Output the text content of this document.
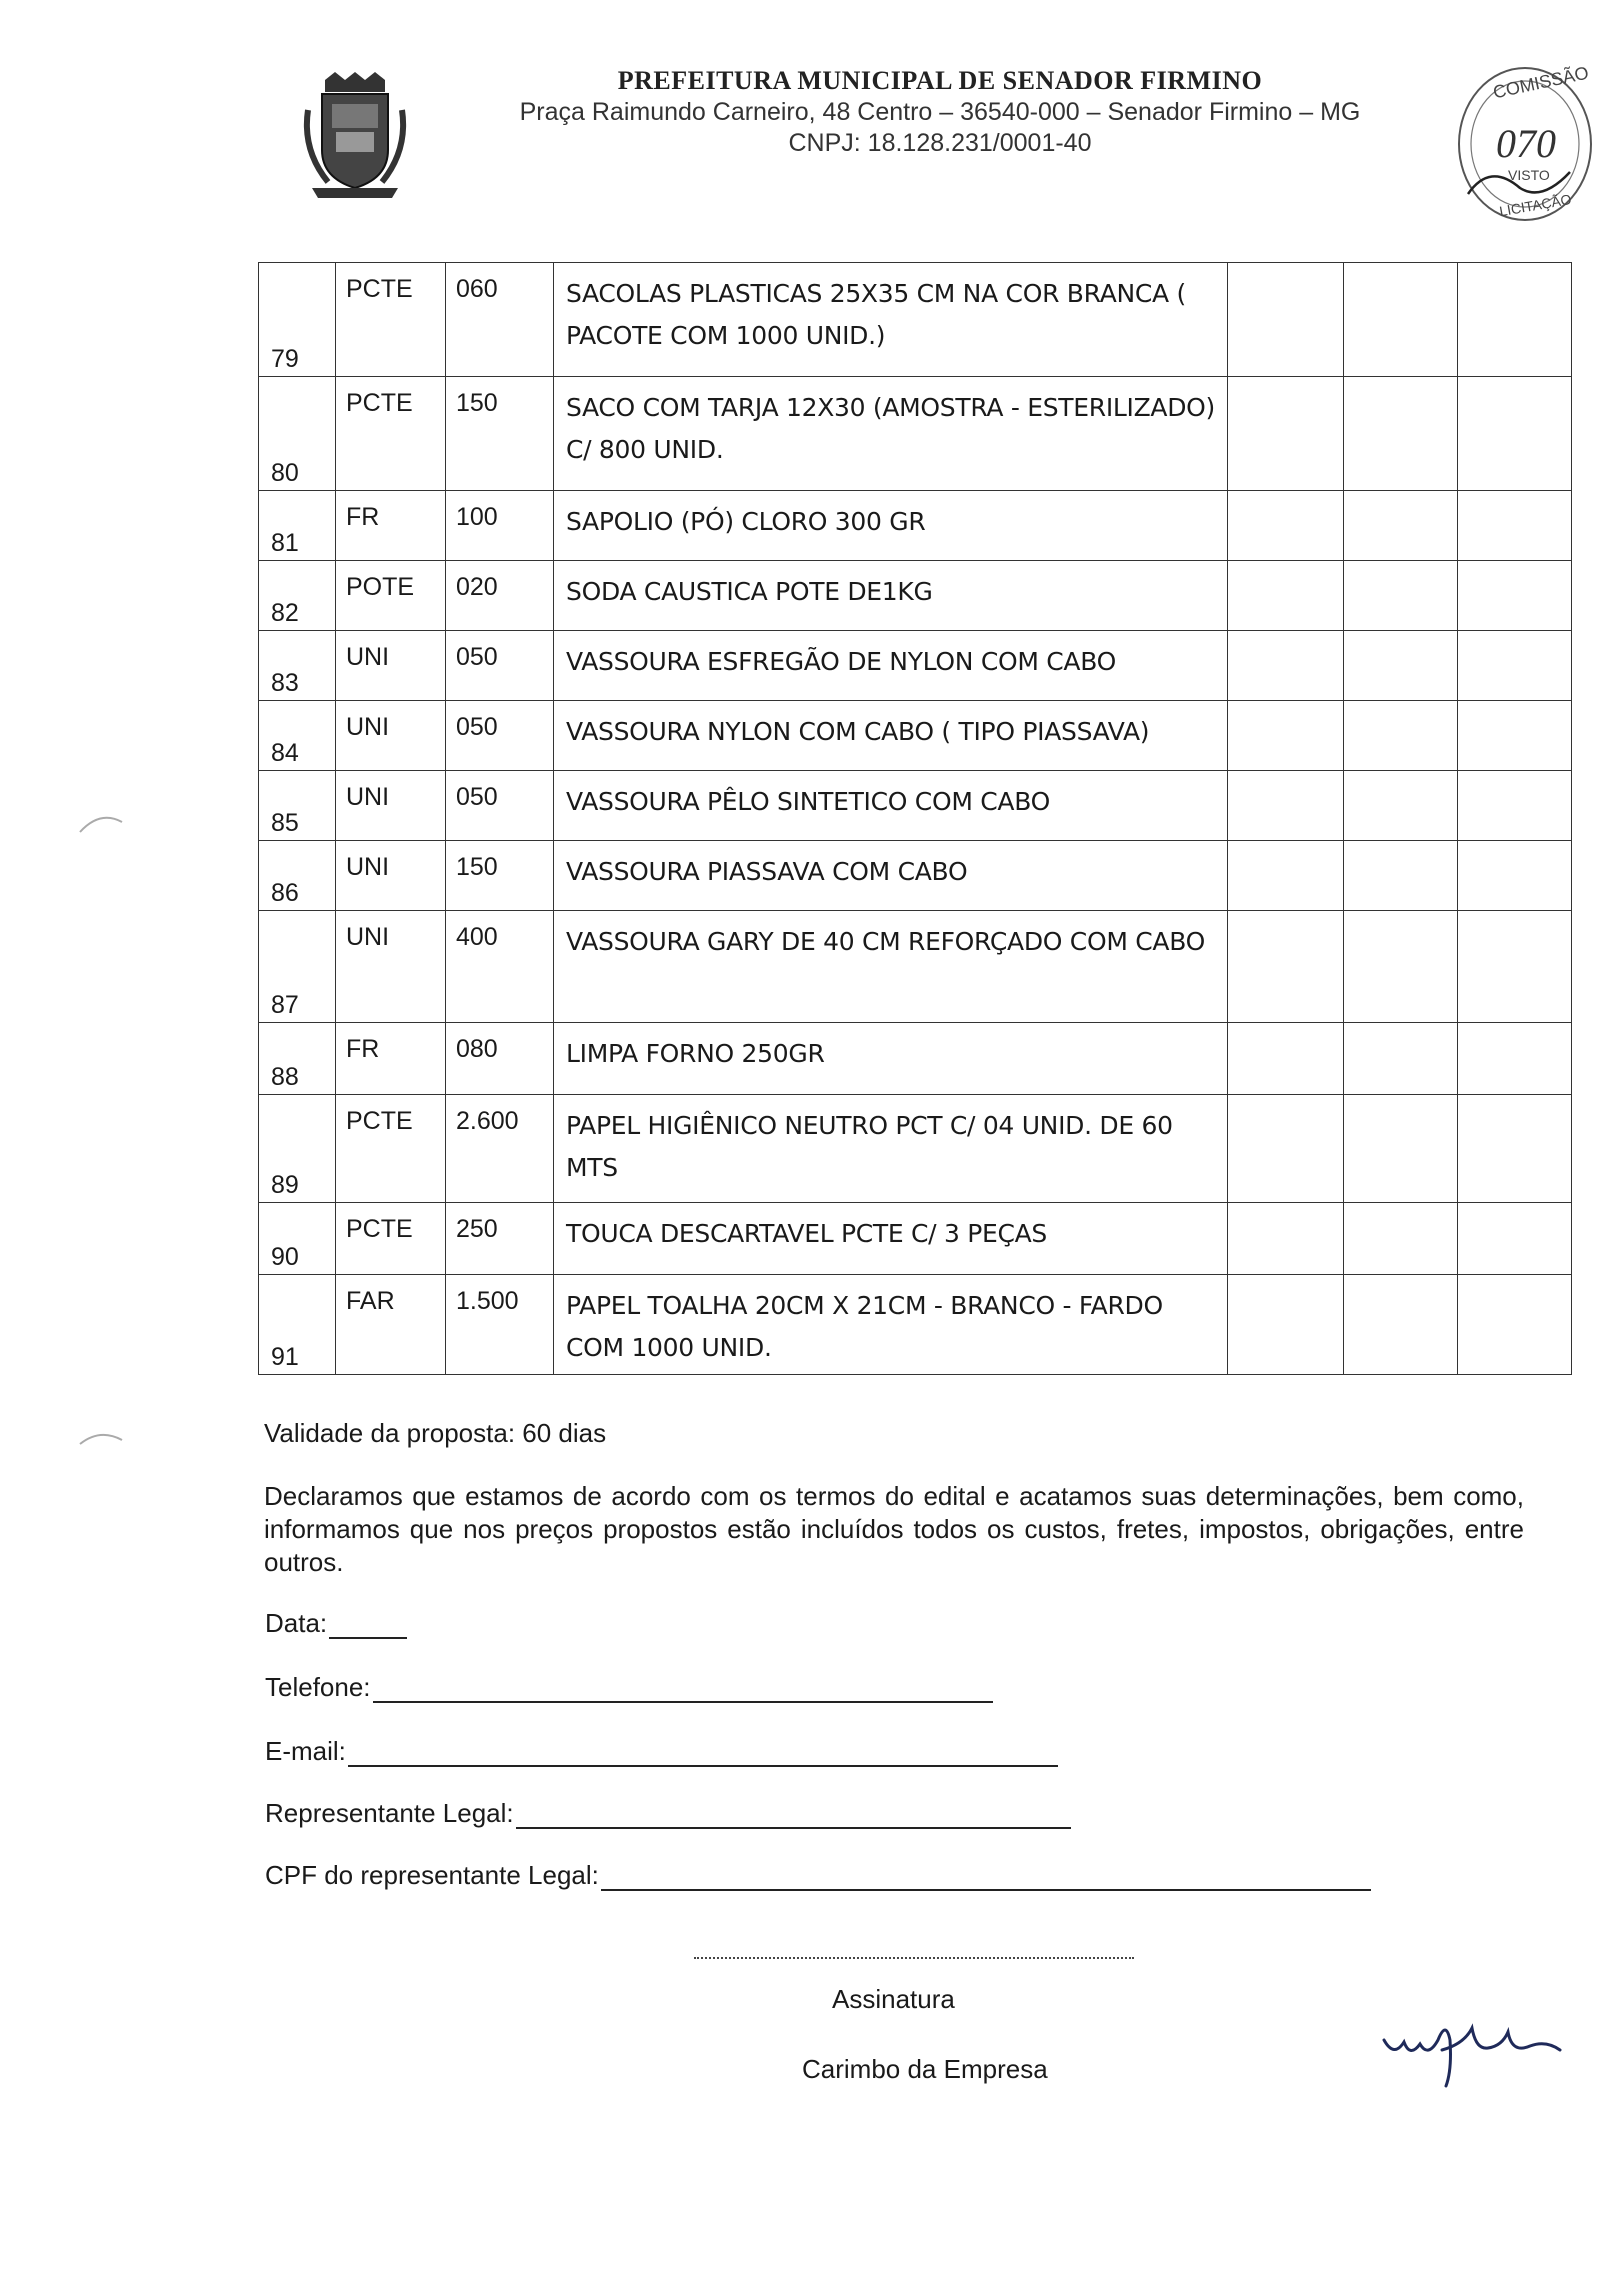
PREFEITURA MUNICIPAL DE SENADOR FIRMINO
Praça Raimundo Carneiro, 48 Centro – 36540-000 – Senador Firmino – MG
CNPJ: 18.128.231/0001-40
COMISSÃO
070
VISTO
LICITAÇÃO
79	PCTE	060	SACOLAS PLASTICAS 25X35 CM NA COR BRANCA ( PACOTE COM 1000 UNID.)			

80	PCTE	150	SACO COM TARJA 12X30 (AMOSTRA - ESTERILIZADO) C/ 800 UNID.			

81	FR	100	SAPOLIO (PÓ) CLORO 300 GR			

82	POTE	020	SODA CAUSTICA POTE DE1KG			

83	UNI	050	VASSOURA ESFREGÃO DE NYLON COM CABO			

84	UNI	050	VASSOURA NYLON COM CABO ( TIPO PIASSAVA)			

85	UNI	050	VASSOURA PÊLO SINTETICO COM CABO			

86	UNI	150	VASSOURA PIASSAVA COM CABO			

87	UNI	400	VASSOURA GARY DE 40 CM REFORÇADO COM CABO			

88	FR	080	LIMPA FORNO 250GR			

89	PCTE	2.600	PAPEL HIGIÊNICO NEUTRO PCT C/ 04 UNID. DE 60 MTS			

90	PCTE	250	TOUCA DESCARTAVEL PCTE C/ 3 PEÇAS			

91	FAR	1.500	PAPEL TOALHA 20CM X 21CM - BRANCO - FARDO COM 1000 UNID.			
Validade da proposta: 60 dias
Declaramos que estamos de acordo com os termos do edital e acatamos suas determinações, bem como, informamos que nos preços propostos estão incluídos todos os custos, fretes, impostos, obrigações, entre outros.
Data:
Telefone:
E-mail:
Representante Legal:
CPF do representante Legal:
Assinatura
Carimbo da Empresa
